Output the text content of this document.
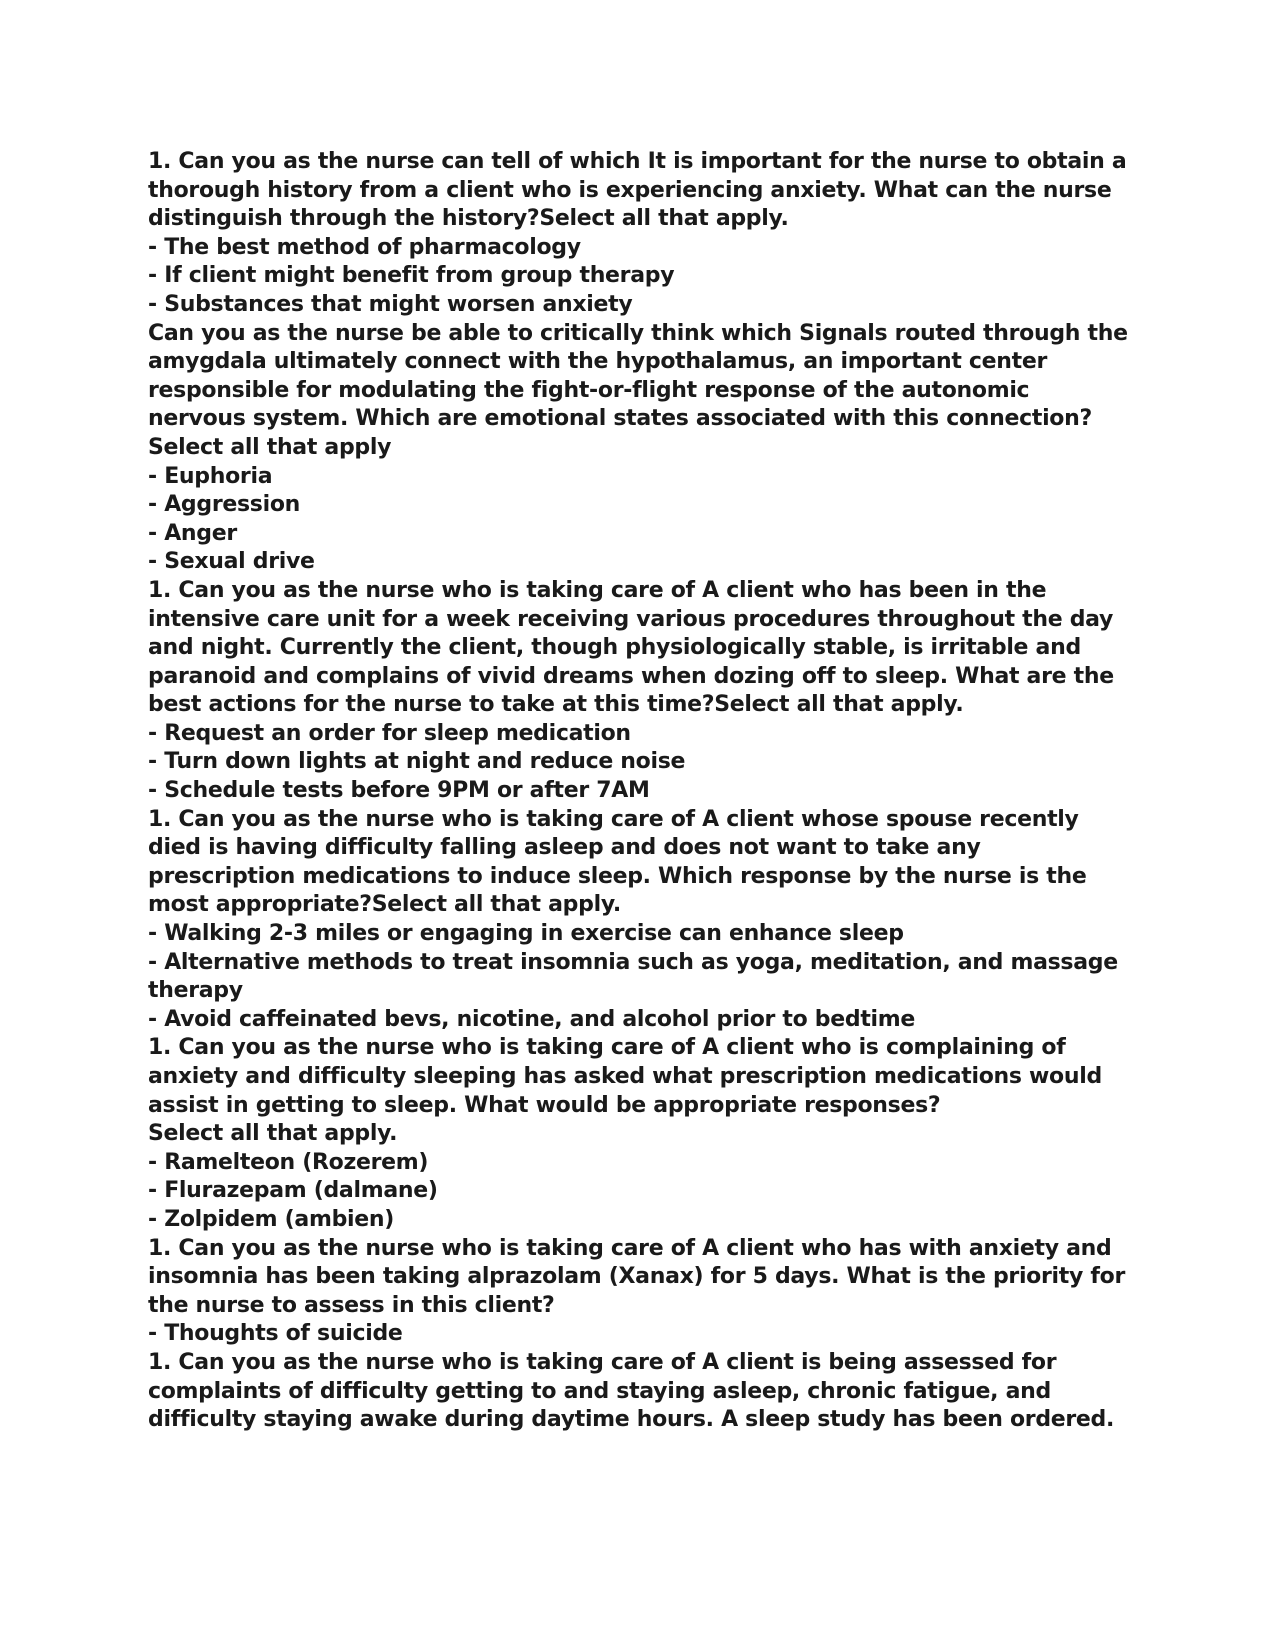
1. Can you as the nurse can tell of which It is important for the nurse to obtain a thorough history from a client who is experiencing anxiety. What can the nurse distinguish through the history?Select all that apply.

- The best method of pharmacology

- If client might benefit from group therapy

- Substances that might worsen anxiety

Can you as the nurse be able to critically think which Signals routed through the amygdala ultimately connect with the hypothalamus, an important center responsible for modulating the fight-or-flight response of the autonomic nervous system. Which are emotional states associated with this connection?Select all that apply

- Euphoria

- Aggression

- Anger

- Sexual drive

1. Can you as the nurse who is taking care of A client who has been in the intensive care unit for a week receiving various procedures throughout the day and night. Currently the client, though physiologically stable, is irritable and paranoid and complains of vivid dreams when dozing off to sleep. What are the best actions for the nurse to take at this time?Select all that apply.

- Request an order for sleep medication

- Turn down lights at night and reduce noise

- Schedule tests before 9PM or after 7AM

1. Can you as the nurse who is taking care of A client whose spouse recently died is having difficulty falling asleep and does not want to take any prescription medications to induce sleep. Which response by the nurse is the most appropriate?Select all that apply.

- Walking 2-3 miles or engaging in exercise can enhance sleep

- Alternative methods to treat insomnia such as yoga, meditation, and massage therapy

- Avoid caffeinated bevs, nicotine, and alcohol prior to bedtime

1. Can you as the nurse who is taking care of A client who is complaining of anxiety and difficulty sleeping has asked what prescription medications would assist in getting to sleep. What would be appropriate responses?

Select all that apply.

- Ramelteon (Rozerem)

- Flurazepam (dalmane)

- Zolpidem (ambien)

1. Can you as the nurse who is taking care of A client who has with anxiety and insomnia has been taking alprazolam (Xanax) for 5 days. What is the priority for the nurse to assess in this client?

- Thoughts of suicide

1. Can you as the nurse who is taking care of A client is being assessed for complaints of difficulty getting to and staying asleep, chronic fatigue, and difficulty staying awake during daytime hours. A sleep study has been ordered.
